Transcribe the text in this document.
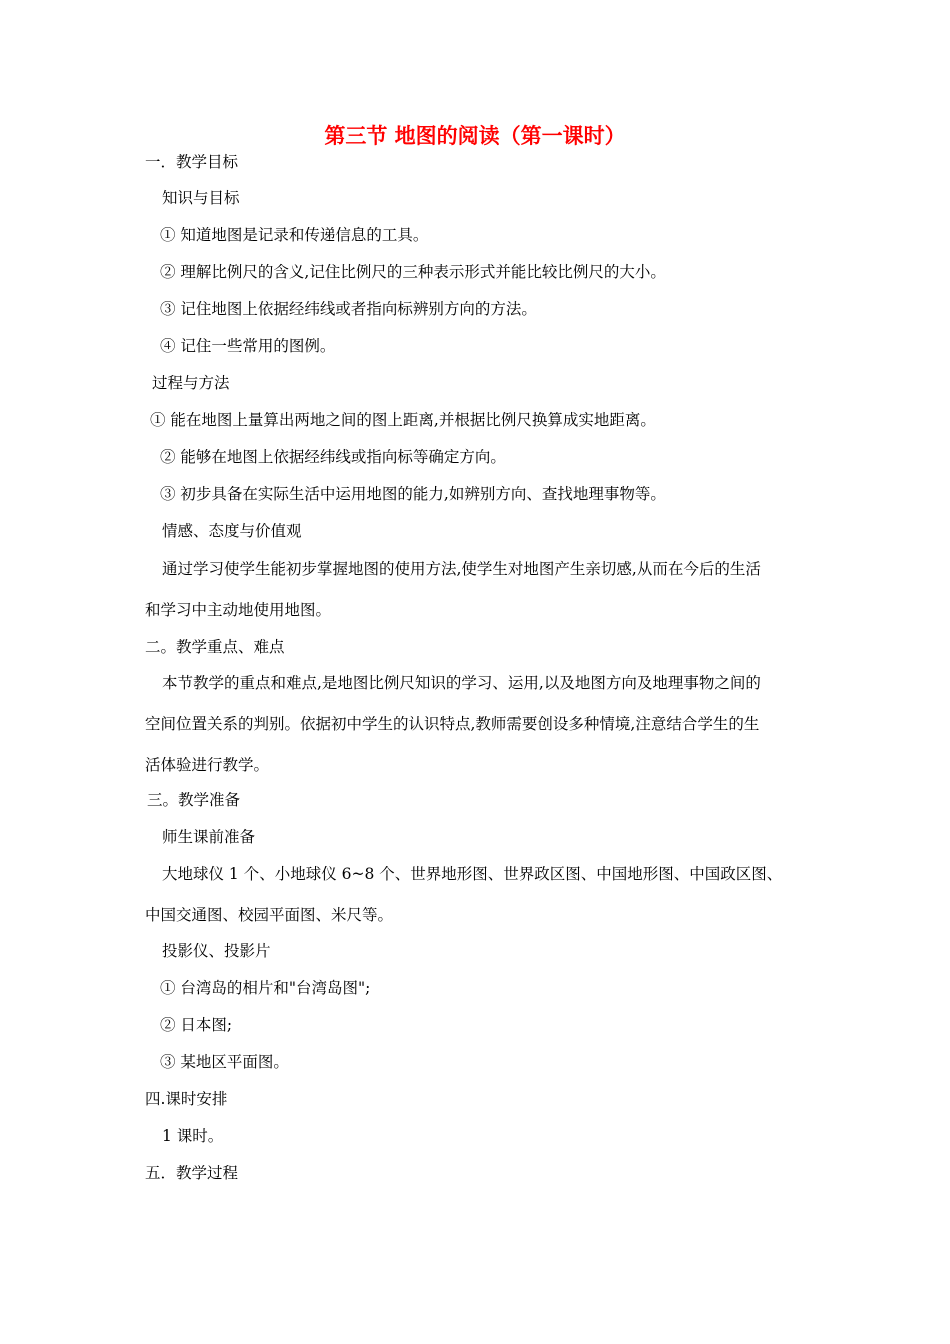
第三节 地图的阅读（第一课时）

一．教学目标

知识与目标

① 知道地图是记录和传递信息的工具。

② 理解比例尺的含义,记住比例尺的三种表示形式并能比较比例尺的大小。

③ 记住地图上依据经纬线或者指向标辨别方向的方法。

④ 记住一些常用的图例。

过程与方法

① 能在地图上量算出两地之间的图上距离,并根据比例尺换算成实地距离。

② 能够在地图上依据经纬线或指向标等确定方向。

③ 初步具备在实际生活中运用地图的能力,如辨别方向、查找地理事物等。

情感、态度与价值观

通过学习使学生能初步掌握地图的使用方法,使学生对地图产生亲切感,从而在今后的生活

和学习中主动地使用地图。

二。教学重点、难点

本节教学的重点和难点,是地图比例尺知识的学习、运用,以及地图方向及地理事物之间的

空间位置关系的判别。依据初中学生的认识特点,教师需要创设多种情境,注意结合学生的生

活体验进行教学。

三。教学准备

师生课前准备

大地球仪 1 个、小地球仪 6~8 个、世界地形图、世界政区图、中国地形图、中国政区图、

中国交通图、校园平面图、米尺等。

投影仪、投影片

① 台湾岛的相片和"台湾岛图";

② 日本图;

③ 某地区平面图。

四.课时安排

1 课时。

五．教学过程
